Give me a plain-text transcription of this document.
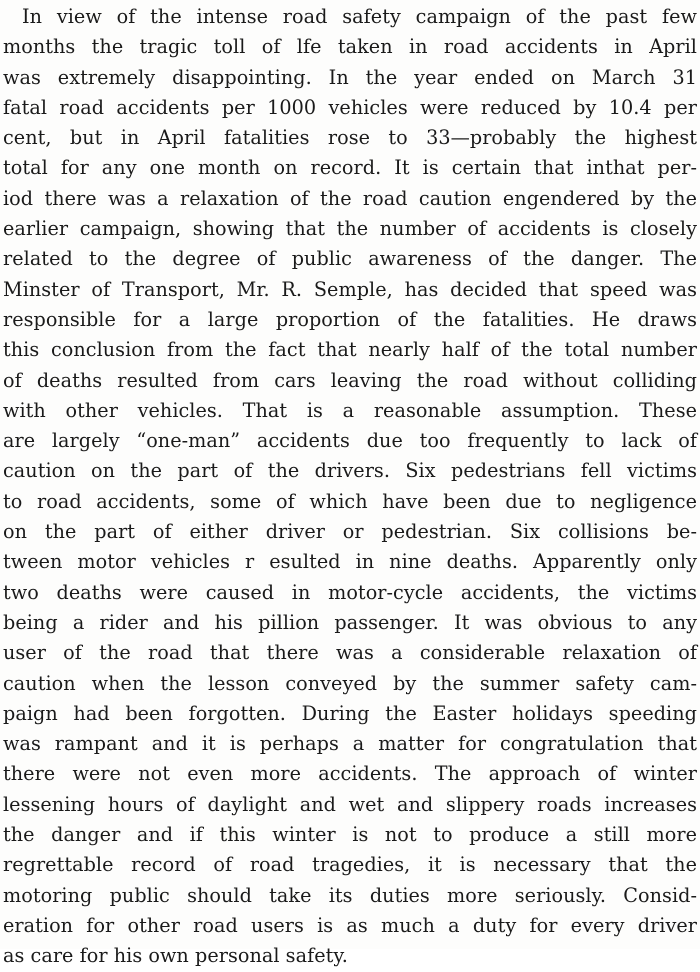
In view of the intense road safety campaign of the past few
months the tragic toll of lfe taken in road accidents in April
was extremely disappointing. In the year ended on March 31
fatal road accidents per 1000 vehicles were reduced by 10.4 per
cent, but in April fatalities rose to 33—probably the highest
total for any one month on record. It is certain that inthat per-
iod there was a relaxation of the road caution engendered by the
earlier campaign, showing that the number of accidents is closely
related to the degree of public awareness of the danger. The
Minster of Transport, Mr. R. Semple, has decided that speed was
responsible for a large proportion of the fatalities. He draws
this conclusion from the fact that nearly half of the total number
of deaths resulted from cars leaving the road without colliding
with other vehicles. That is a reasonable assumption. These
are largely “one-man” accidents due too frequently to lack of
caution on the part of the drivers. Six pedestrians fell victims
to road accidents, some of which have been due to negligence
on the part of either driver or pedestrian. Six collisions be-
tween motor vehicles r esulted in nine deaths. Apparently only
two deaths were caused in motor-cycle accidents, the victims
being a rider and his pillion passenger. It was obvious to any
user of the road that there was a considerable relaxation of
caution when the lesson conveyed by the summer safety cam-
paign had been forgotten. During the Easter holidays speeding
was rampant and it is perhaps a matter for congratulation that
there were not even more accidents. The approach of winter
lessening hours of daylight and wet and slippery roads increases
the danger and if this winter is not to produce a still more
regrettable record of road tragedies, it is necessary that the
motoring public should take its duties more seriously. Consid-
eration for other road users is as much a duty for every driver
as care for his own personal safety.
